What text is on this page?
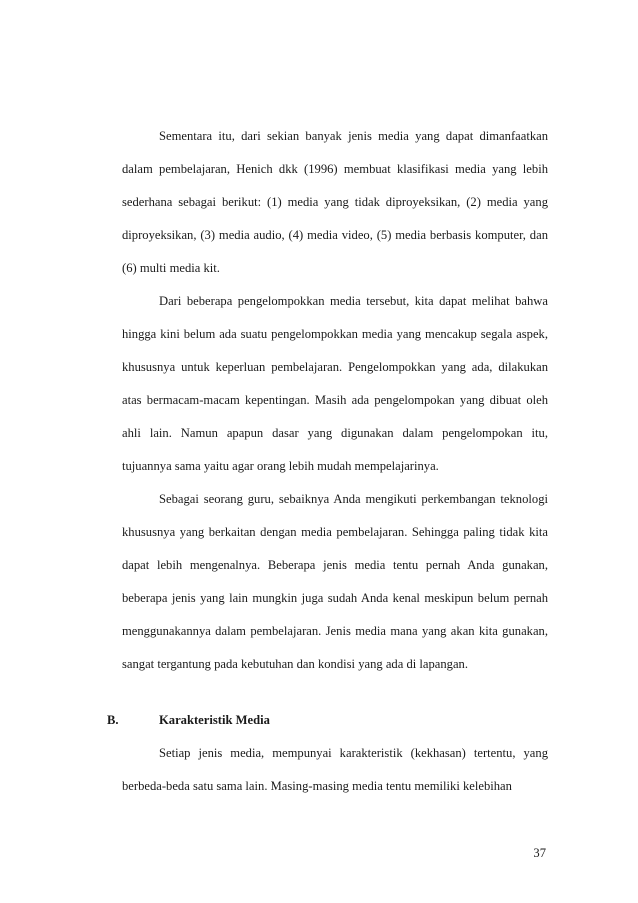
Sementara itu, dari sekian banyak jenis media yang dapat dimanfaatkan dalam pembelajaran, Henich dkk (1996) membuat klasifikasi media yang lebih sederhana sebagai berikut: (1) media yang tidak diproyeksikan, (2) media yang diproyeksikan, (3) media audio, (4) media video, (5) media berbasis komputer, dan (6) multi media kit.

Dari beberapa pengelompokkan media tersebut, kita dapat melihat bahwa hingga kini belum ada suatu pengelompokkan media yang mencakup segala aspek, khususnya untuk keperluan pembelajaran. Pengelompokkan yang ada, dilakukan atas bermacam-macam kepentingan. Masih ada pengelompokan yang dibuat oleh ahli lain. Namun apapun dasar yang digunakan dalam pengelompokan itu, tujuannya sama yaitu agar orang lebih mudah mempelajarinya.

Sebagai seorang guru, sebaiknya Anda mengikuti perkembangan teknologi khususnya yang berkaitan dengan media pembelajaran. Sehingga paling tidak kita dapat lebih mengenalnya. Beberapa jenis media tentu pernah Anda gunakan, beberapa jenis yang lain mungkin juga sudah Anda kenal meskipun belum pernah menggunakannya dalam pembelajaran. Jenis media mana yang akan kita gunakan, sangat tergantung pada kebutuhan dan kondisi yang ada di lapangan.

B.	Karakteristik Media

Setiap jenis media, mempunyai karakteristik (kekhasan) tertentu, yang berbeda-beda satu sama lain. Masing-masing media tentu memiliki kelebihan

37
